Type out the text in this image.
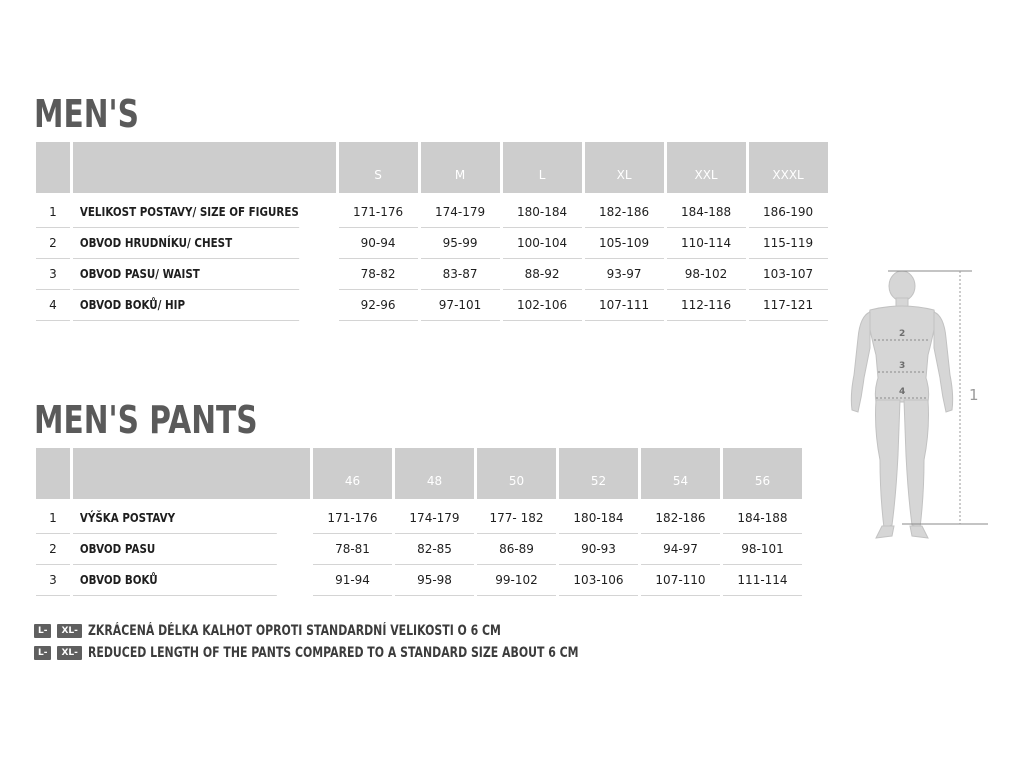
MEN'S
		S	M	L	XL	XXL	XXXL
1	VELIKOST POSTAVY/ SIZE OF FIGURES	171-176	174-179	180-184	182-186	184-188	186-190
2	OBVOD HRUDNÍKU/ CHEST	90-94	95-99	100-104	105-109	110-114	115-119
3	OBVOD PASU/ WAIST	78-82	83-87	88-92	93-97	98-102	103-107
4	OBVOD BOKŮ/ HIP	92-96	97-101	102-106	107-111	112-116	117-121
MEN'S PANTS
		46	48	50	52	54	56
1	VÝŠKA POSTAVY	171-176	174-179	177- 182	180-184	182-186	184-188
2	OBVOD PASU	78-81	82-85	86-89	90-93	94-97	98-101
3	OBVOD BOKŮ	91-94	95-98	99-102	103-106	107-110	111-114
L-	XL- ZKRÁCENÁ DÉLKA KALHOT OPROTI STANDARDNÍ VELIKOSTI O 6 CM
L-	XL- REDUCED LENGTH OF THE PANTS COMPARED TO A STANDARD SIZE ABOUT 6 CM
2
3
4	1
